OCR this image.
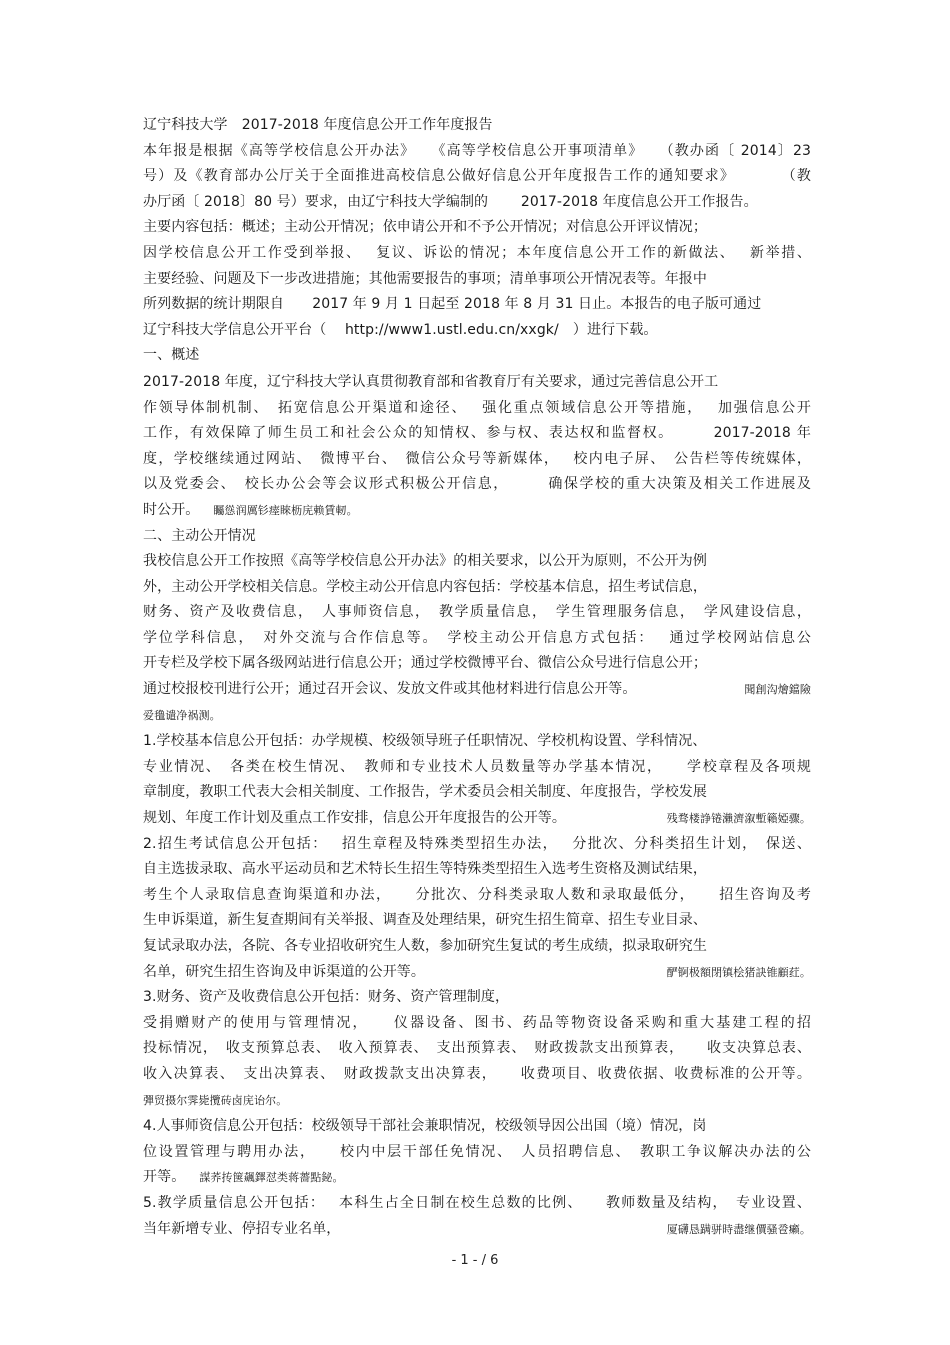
辽宁科技大学　2017-2018 年度信息公开工作年度报告
本年报是根据《高等学校信息公开办法》　　《高等学校信息公开事项清单》　　（教办函〔 2014〕23
号）及《教育部办公厅关于全面推进高校信息公做好信息公开年度报告工作的通知要求》　　　　（教
办厅函〔 2018〕80 号）要求，由辽宁科技大学编制的　　 2017-2018 年度信息公开工作报告。
主要内容包括：概述；主动公开情况；依申请公开和不予公开情况；对信息公开评议情况；
因学校信息公开工作受到举报、　 复议、诉讼的情况；本年度信息公开工作的新做法、　 新举措、
主要经验、问题及下一步改进措施；其他需要报告的事项；清单事项公开情况表等。年报中
所列数据的统计期限自　　2017 年 9 月 1 日起至 2018 年 8 月 31 日止。本报告的电子版可通过
辽宁科技大学信息公开平台（　 http://www1.ustl.edu.cn/xxgk/　）进行下载。
一、概述
2017-2018 年度，辽宁科技大学认真贯彻教育部和省教育厅有关要求，通过完善信息公开工
作领导体制机制、　拓宽信息公开渠道和途径、　 强化重点领域信息公开等措施，　 加强信息公开
工作，有效保障了师生员工和社会公众的知情权、参与权、表达权和监督权。　　　2017-2018 年
度，学校继续通过网站、　微博平台、　微信公众号等新媒体，　 校内电子屏、　公告栏等传统媒体，
以及党委会、　校长办公会等会议形式积极公开信息，　　　确保学校的重大决策及相关工作进展及
时公开。 矚慫润厲钐瘗睞枥庑赖賃軔。
二、主动公开情况
我校信息公开工作按照《高等学校信息公开办法》的相关要求，以公开为原则，不公开为例
外，主动公开学校相关信息。学校主动公开信息内容包括：学校基本信息，招生考试信息，
财务、资产及收费信息，　人事师资信息，　教学质量信息，　学生管理服务信息，　学风建设信息，
学位学科信息，　对外交流与合作信息等。　学校主动公开信息方式包括：　 通过学校网站信息公
开专栏及学校下属各级网站进行信息公开；通过学校微博平台、微信公众号进行信息公开；
通过校报校刊进行公开；通过召开会议、发放文件或其他材料进行信息公开等。	聞創沟燴鐺險
爱氇谴净祸测。
1.学校基本信息公开包括：办学规模、校级领导班子任职情况、学校机构设置、学科情况、
专业情况、　各类在校生情况、　教师和专业技术人员数量等办学基本情况，　　学校章程及各项规
章制度，教职工代表大会相关制度、工作报告，学术委员会相关制度、年度报告，学校发展
规划、年度工作计划及重点工作安排，信息公开年度报告的公开等。	残骛楼諍锩瀨濟溆塹籟婭骤。
2.招生考试信息公开包括：　 招生章程及特殊类型招生办法，　 分批次、分科类招生计划，　保送、
自主选拔录取、高水平运动员和艺术特长生招生等特殊类型招生入选考生资格及测试结果，
考生个人录取信息查询渠道和办法，　　分批次、分科类录取人数和录取最低分，　　招生咨询及考
生申诉渠道，新生复查期间有关举报、调查及处理结果，研究生招生简章、招生专业目录、
复试录取办法，各院、各专业招收研究生人数，参加研究生复试的考生成绩，拟录取研究生
名单，研究生招生咨询及申诉渠道的公开等。	酽锕极額閉镇桧猪訣锥顧荭。
3.财务、资产及收费信息公开包括：财务、资产管理制度，
受捐赠财产的使用与管理情况，　　仪器设备、图书、药品等物资设备采购和重大基建工程的招
投标情况，　收支预算总表、　收入预算表、　支出预算表、　财政拨款支出预算表，　　收支决算总表、
收入决算表、　支出决算表、　财政拨款支出决算表，　　收费项目、收费依据、收费标准的公开等。
彈贸摄尔霁毙攬砖卤庑诒尔。
4.人事师资信息公开包括：校级领导干部社会兼职情况，校级领导因公出国（境）情况，岗
位设置管理与聘用办法，　　校内中层干部任免情况、　人员招聘信息、　教职工争议解决办法的公
开等。 謀荞抟箧飆鐸怼类蒋薔點鉍。
5.教学质量信息公开包括：　 本科生占全日制在校生总数的比例、　　教师数量及结构，　专业设置、
当年新增专业、停招专业名单，	厦礴恳蹒骈時盡继價骚卺癩。
- 1 - / 6
